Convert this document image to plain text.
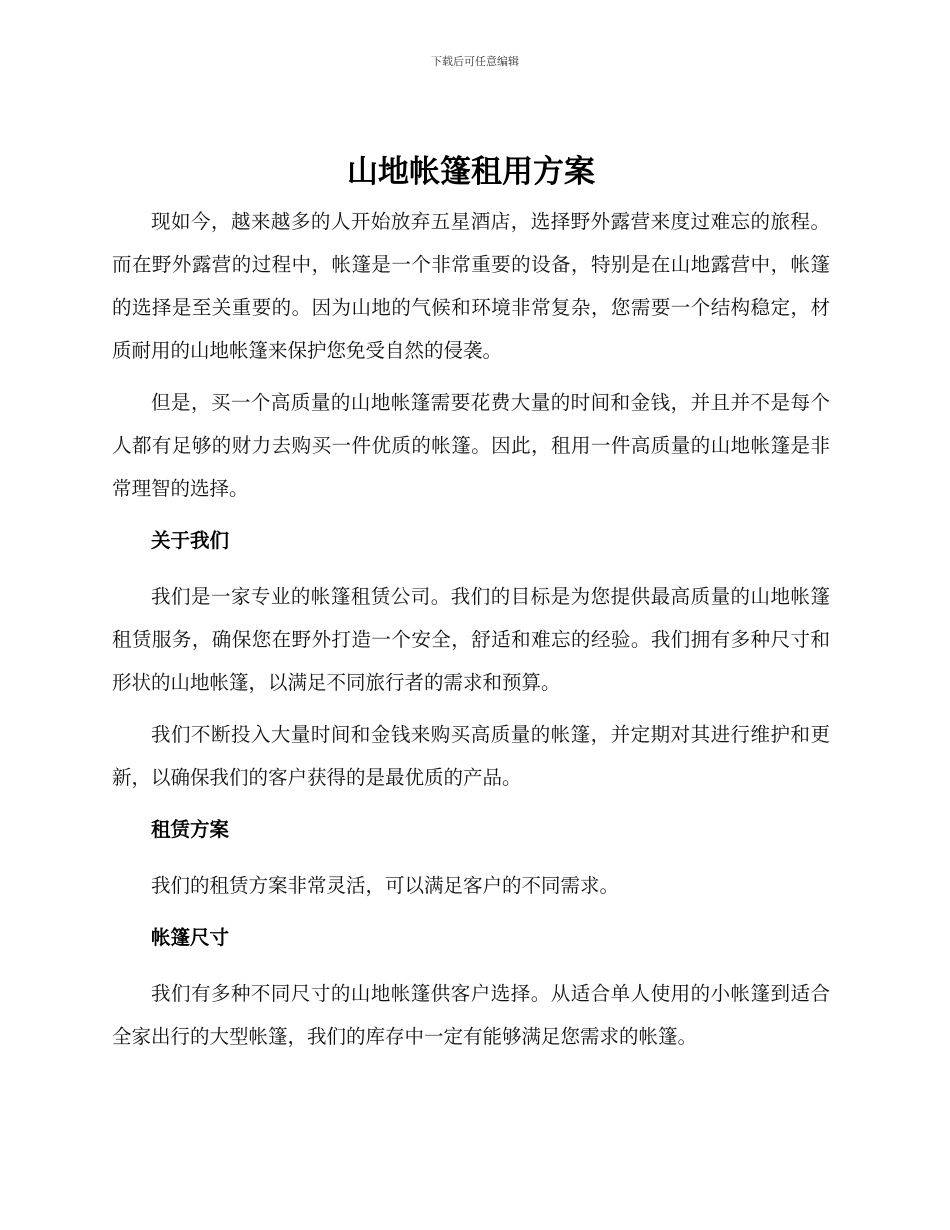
下载后可任意编辑
山地帐篷租用方案

现如今，越来越多的人开始放弃五星酒店，选择野外露营来度过难忘的旅程。而在野外露营的过程中，帐篷是一个非常重要的设备，特别是在山地露营中，帐篷的选择是至关重要的。因为山地的气候和环境非常复杂，您需要一个结构稳定，材质耐用的山地帐篷来保护您免受自然的侵袭。

但是，买一个高质量的山地帐篷需要花费大量的时间和金钱，并且并不是每个人都有足够的财力去购买一件优质的帐篷。因此，租用一件高质量的山地帐篷是非常理智的选择。

关于我们

我们是一家专业的帐篷租赁公司。我们的目标是为您提供最高质量的山地帐篷租赁服务，确保您在野外打造一个安全，舒适和难忘的经验。我们拥有多种尺寸和形状的山地帐篷，以满足不同旅行者的需求和预算。

我们不断投入大量时间和金钱来购买高质量的帐篷，并定期对其进行维护和更新，以确保我们的客户获得的是最优质的产品。

租赁方案

我们的租赁方案非常灵活，可以满足客户的不同需求。

帐篷尺寸

我们有多种不同尺寸的山地帐篷供客户选择。从适合单人使用的小帐篷到适合全家出行的大型帐篷，我们的库存中一定有能够满足您需求的帐篷。
